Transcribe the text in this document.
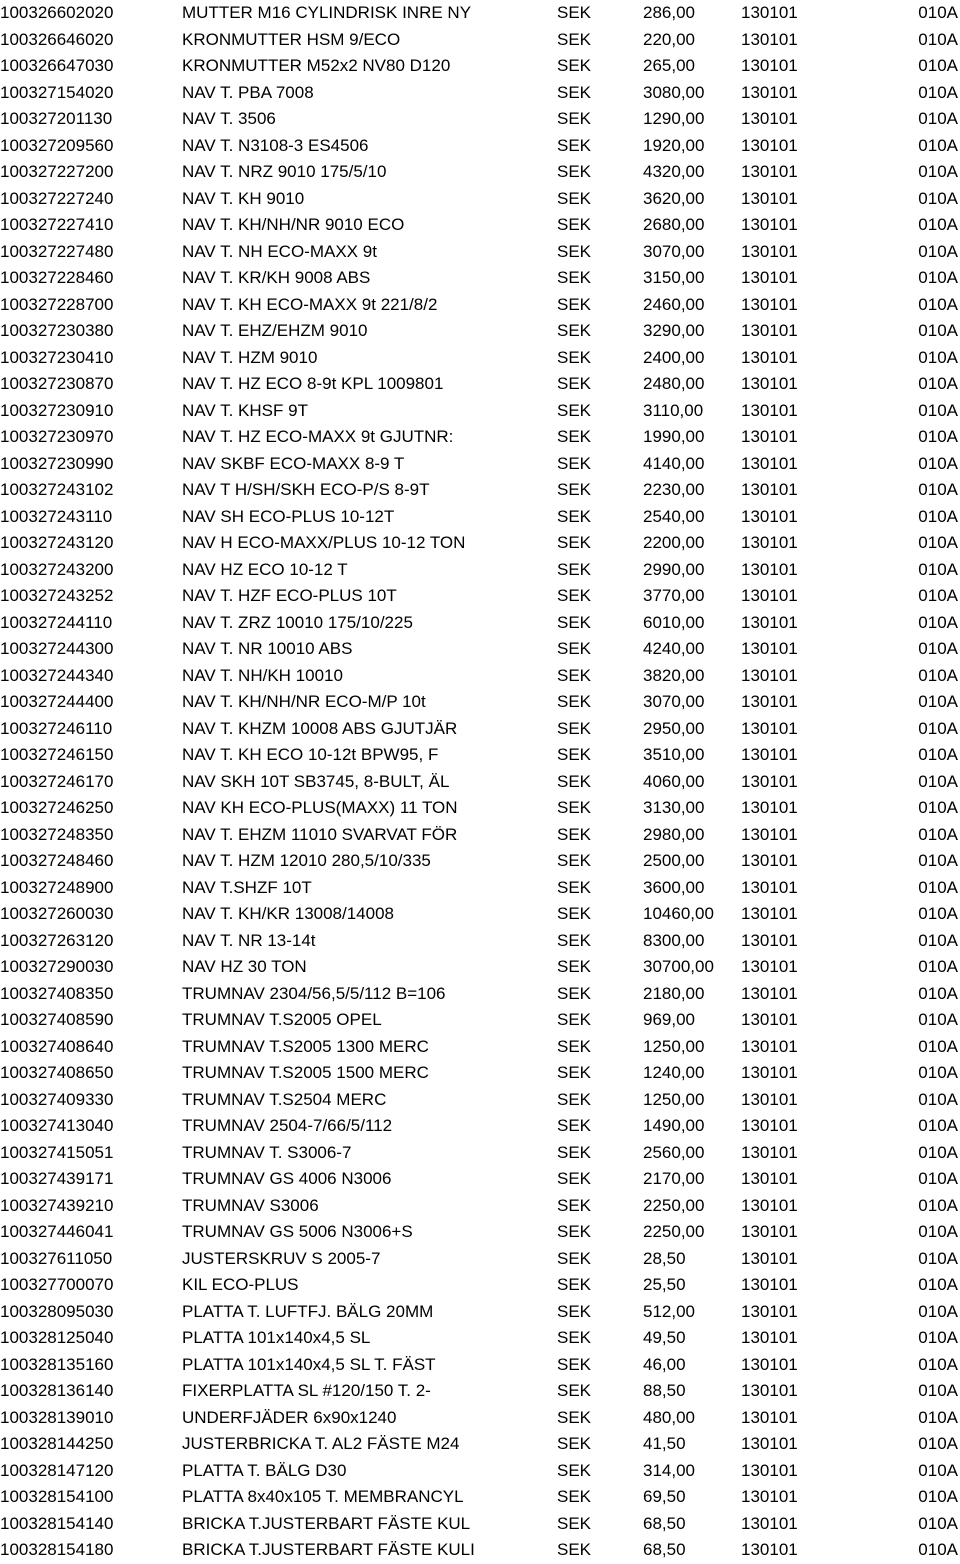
100326602020	MUTTER M16 CYLINDRISK INRE NY	SEK	286,00	130101	010A
100326646020	KRONMUTTER HSM 9/ECO	SEK	220,00	130101	010A
100326647030	KRONMUTTER M52x2 NV80 D120	SEK	265,00	130101	010A
100327154020	NAV T. PBA 7008	SEK	3080,00 130101	010A
100327201130	NAV T. 3506	SEK	1290,00 130101	010A
100327209560	NAV T. N3108-3 ES4506	SEK	1920,00 130101	010A
100327227200	NAV T. NRZ 9010 175/5/10	SEK	4320,00 130101	010A
100327227240	NAV T. KH 9010	SEK	3620,00 130101	010A
100327227410	NAV T. KH/NH/NR 9010 ECO	SEK	2680,00 130101	010A
100327227480	NAV T. NH ECO-MAXX 9t	SEK	3070,00 130101	010A
100327228460	NAV T. KR/KH 9008 ABS	SEK	3150,00 130101	010A
100327228700	NAV T. KH ECO-MAXX 9t 221/8/2	SEK	2460,00 130101	010A
100327230380	NAV T. EHZ/EHZM 9010	SEK	3290,00 130101	010A
100327230410	NAV T. HZM 9010	SEK	2400,00 130101	010A
100327230870	NAV T. HZ ECO 8-9t KPL 1009801	SEK	2480,00 130101	010A
100327230910	NAV T. KHSF 9T	SEK	3110,00 130101	010A
100327230970	NAV T. HZ ECO-MAXX 9t GJUTNR:	SEK	1990,00 130101	010A
100327230990	NAV SKBF ECO-MAXX 8-9 T	SEK	4140,00 130101	010A
100327243102	NAV T H/SH/SKH ECO-P/S 8-9T	SEK	2230,00 130101	010A
100327243110	NAV SH ECO-PLUS 10-12T	SEK	2540,00 130101	010A
100327243120	NAV H ECO-MAXX/PLUS 10-12 TON	SEK	2200,00 130101	010A
100327243200	NAV HZ ECO 10-12 T	SEK	2990,00 130101	010A
100327243252	NAV T. HZF ECO-PLUS 10T	SEK	3770,00 130101	010A
100327244110	NAV T. ZRZ 10010 175/10/225	SEK	6010,00 130101	010A
100327244300	NAV T. NR 10010 ABS	SEK	4240,00 130101	010A
100327244340	NAV T. NH/KH 10010	SEK	3820,00 130101	010A
100327244400	NAV T. KH/NH/NR ECO-M/P 10t	SEK	3070,00 130101	010A
100327246110	NAV T. KHZM 10008 ABS GJUTJÄR	SEK	2950,00 130101	010A
100327246150	NAV T. KH ECO 10-12t BPW95, F	SEK	3510,00 130101	010A
100327246170	NAV SKH 10T SB3745, 8-BULT, ÄL	SEK	4060,00 130101	010A
100327246250	NAV KH ECO-PLUS(MAXX) 11 TON	SEK	3130,00 130101	010A
100327248350	NAV T. EHZM 11010 SVARVAT FÖR	SEK	2980,00 130101	010A
100327248460	NAV T. HZM 12010 280,5/10/335	SEK	2500,00 130101	010A
100327248900	NAV T.SHZF 10T	SEK	3600,00 130101	010A
100327260030	NAV T. KH/KR 13008/14008	SEK	10460,00 130101	010A
100327263120	NAV T. NR 13-14t	SEK	8300,00 130101	010A
100327290030	NAV HZ 30 TON	SEK	30700,00 130101	010A
100327408350	TRUMNAV 2304/56,5/5/112 B=106	SEK	2180,00 130101	010A
100327408590	TRUMNAV T.S2005 OPEL	SEK	969,00	130101	010A
100327408640	TRUMNAV T.S2005 1300 MERC	SEK	1250,00 130101	010A
100327408650	TRUMNAV T.S2005 1500 MERC	SEK	1240,00 130101	010A
100327409330	TRUMNAV T.S2504 MERC	SEK	1250,00 130101	010A
100327413040	TRUMNAV 2504-7/66/5/112	SEK	1490,00 130101	010A
100327415051	TRUMNAV T. S3006-7	SEK	2560,00 130101	010A
100327439171	TRUMNAV GS 4006 N3006	SEK	2170,00 130101	010A
100327439210	TRUMNAV S3006	SEK	2250,00 130101	010A
100327446041	TRUMNAV GS 5006 N3006+S	SEK	2250,00 130101	010A
100327611050	JUSTERSKRUV S 2005-7	SEK	28,50	130101	010A
100327700070	KIL ECO-PLUS	SEK	25,50	130101	010A
100328095030	PLATTA T. LUFTFJ. BÄLG 20MM	SEK	512,00	130101	010A
100328125040	PLATTA 101x140x4,5 SL	SEK	49,50	130101	010A
100328135160	PLATTA 101x140x4,5 SL T. FÄST	SEK	46,00	130101	010A
100328136140	FIXERPLATTA SL #120/150 T. 2-	SEK	88,50	130101	010A
100328139010	UNDERFJÄDER 6x90x1240	SEK	480,00	130101	010A
100328144250	JUSTERBRICKA T. AL2 FÄSTE M24	SEK	41,50	130101	010A
100328147120	PLATTA T. BÄLG D30	SEK	314,00	130101	010A
100328154100	PLATTA 8x40x105 T. MEMBRANCYL	SEK	69,50	130101	010A
100328154140	BRICKA T.JUSTERBART FÄSTE KUL	SEK	68,50	130101	010A
100328154180	BRICKA T.JUSTERBART FÄSTE KULI	SEK	68,50	130101	010A
